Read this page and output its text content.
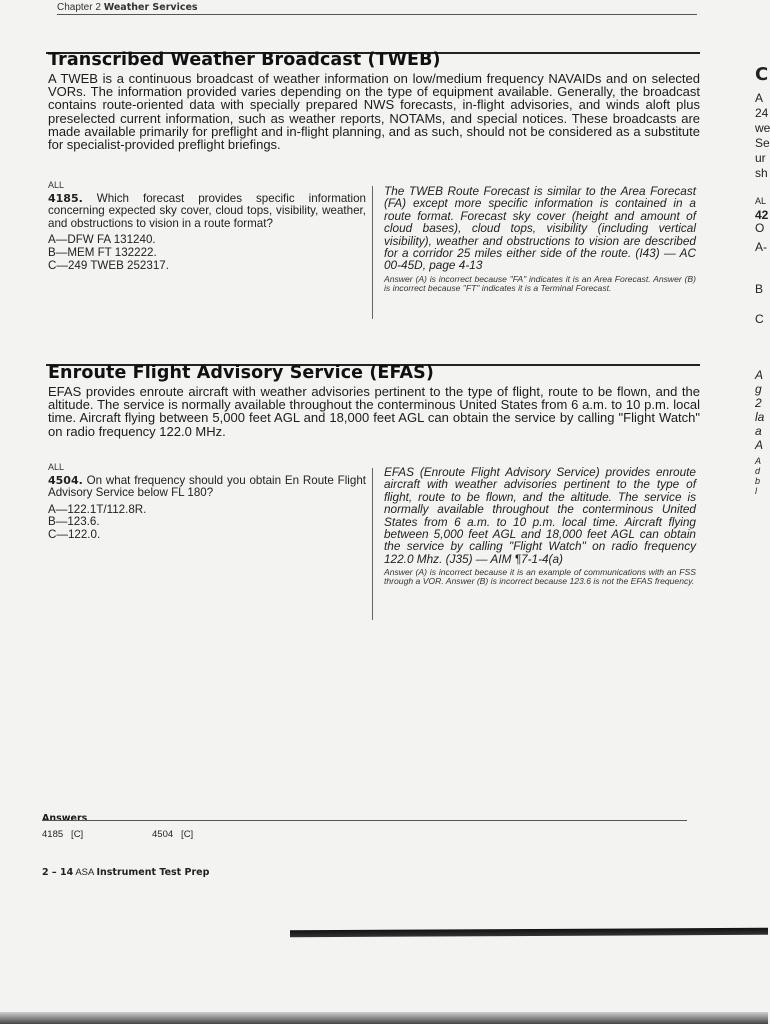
Chapter 2 Weather Services
Transcribed Weather Broadcast (TWEB)
A TWEB is a continuous broadcast of weather information on low/medium frequency NAVAIDs and on selected VORs. The information provided varies depending on the type of equipment available. Generally, the broadcast contains route-oriented data with specially prepared NWS forecasts, in-flight advisories, and winds aloft plus preselected current information, such as weather reports, NOTAMs, and special notices. These broadcasts are made available primarily for preflight and in-flight planning, and as such, should not be considered as a substitute for specialist-provided preflight briefings.
ALL
4185. Which forecast provides specific information concerning expected sky cover, cloud tops, visibility, weather, and obstructions to vision in a route format?
A—DFW FA 131240.
B—MEM FT 132222.
C—249 TWEB 252317.
The TWEB Route Forecast is similar to the Area Forecast (FA) except more specific information is contained in a route format. Forecast sky cover (height and amount of cloud bases), cloud tops, visibility (including vertical visibility), weather and obstructions to vision are described for a corridor 25 miles either side of the route. (I43) — AC 00-45D, page 4-13
Answer (A) is incorrect because "FA" indicates it is an Area Forecast. Answer (B) is incorrect because "FT" indicates it is a Terminal Forecast.
Enroute Flight Advisory Service (EFAS)
EFAS provides enroute aircraft with weather advisories pertinent to the type of flight, route to be flown, and the altitude. The service is normally available throughout the conterminous United States from 6 a.m. to 10 p.m. local time. Aircraft flying between 5,000 feet AGL and 18,000 feet AGL can obtain the service by calling "Flight Watch" on radio frequency 122.0 MHz.
ALL
4504. On what frequency should you obtain En Route Flight Advisory Service below FL 180?
A—122.1T/112.8R.
B—123.6.
C—122.0.
EFAS (Enroute Flight Advisory Service) provides enroute aircraft with weather advisories pertinent to the type of flight, route to be flown, and the altitude. The service is normally available throughout the conterminous United States from 6 a.m. to 10 p.m. local time. Aircraft flying between 5,000 feet AGL and 18,000 feet AGL can obtain the service by calling "Flight Watch" on radio frequency 122.0 Mhz. (J35) — AIM ¶7-1-4(a)
Answer (A) is incorrect because it is an example of communications with an FSS through a VOR. Answer (B) is incorrect because 123.6 is not the EFAS frequency.
Answers
4185   [C]	4504   [C]
2 – 14 ASA Instrument Test Prep
C
A
24
we
Se
ur
sh
AL
42
O
A-
B
C
A
g
2
la
a
A
A
d
b
l
